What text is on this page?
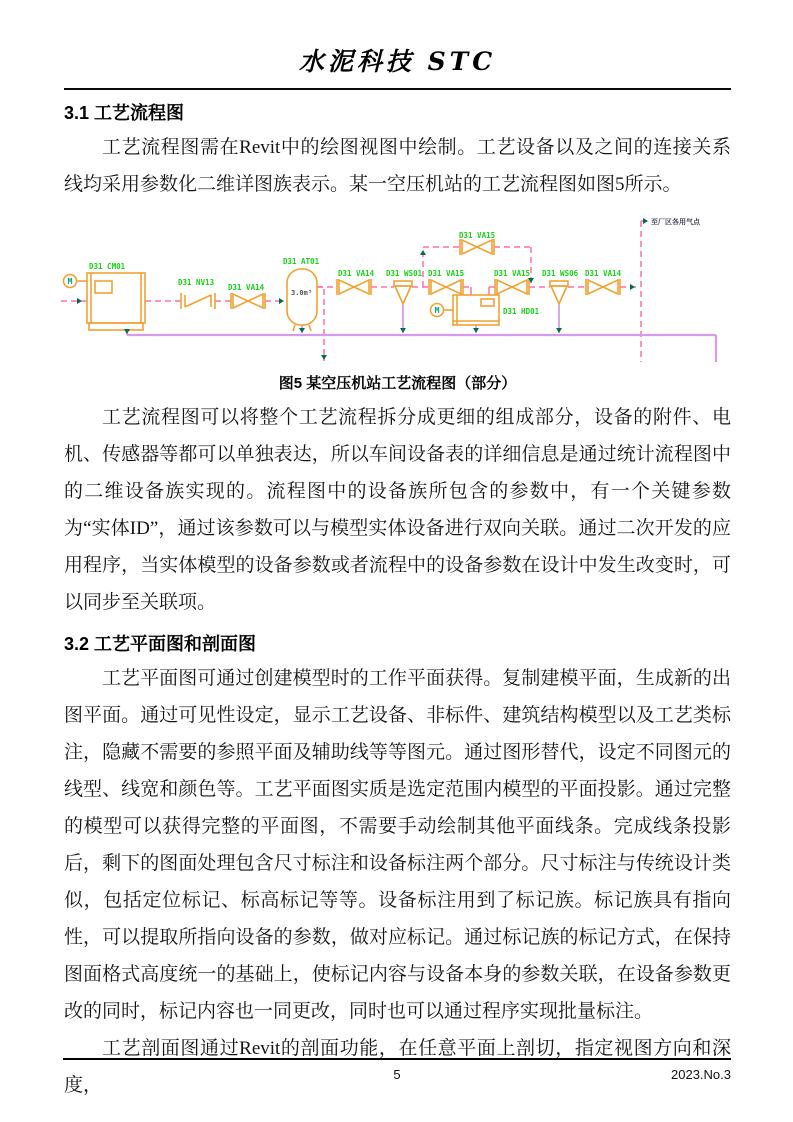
水泥科技 STC
3.1 工艺流程图

工艺流程图需在Revit中的绘图视图中绘制。工艺设备以及之间的连接关系线均采用参数化二维详图族表示。某一空压机站的工艺流程图如图5所示。

D31 CM01
D31 NV13
D31 VA14
D31 AT01
D31 VA14 D31 WS01 D31 VA15
D31 VA15
D31 HD01
D31 VA15 D31 WS06 D31 VA14
3.0m³
至厂区各用气点
M
M

图5 某空压机站工艺流程图（部分）

工艺流程图可以将整个工艺流程拆分成更细的组成部分，设备的附件、电机、传感器等都可以单独表达，所以车间设备表的详细信息是通过统计流程图中的二维设备族实现的。流程图中的设备族所包含的参数中，有一个关键参数为“实体ID”，通过该参数可以与模型实体设备进行双向关联。通过二次开发的应用程序，当实体模型的设备参数或者流程中的设备参数在设计中发生改变时，可以同步至关联项。

3.2 工艺平面图和剖面图

工艺平面图可通过创建模型时的工作平面获得。复制建模平面，生成新的出图平面。通过可见性设定，显示工艺设备、非标件、建筑结构模型以及工艺类标注，隐藏不需要的参照平面及辅助线等等图元。通过图形替代，设定不同图元的线型、线宽和颜色等。工艺平面图实质是选定范围内模型的平面投影。通过完整的模型可以获得完整的平面图，不需要手动绘制其他平面线条。完成线条投影后，剩下的图面处理包含尺寸标注和设备标注两个部分。尺寸标注与传统设计类似，包括定位标记、标高标记等等。设备标注用到了标记族。标记族具有指向性，可以提取所指向设备的参数，做对应标记。通过标记族的标记方式，在保持图面格式高度统一的基础上，使标记内容与设备本身的参数关联，在设备参数更改的同时，标记内容也一同更改，同时也可以通过程序实现批量标注。

工艺剖面图通过Revit的剖面功能，在任意平面上剖切，指定视图方向和深度，

5	2023.No.3
